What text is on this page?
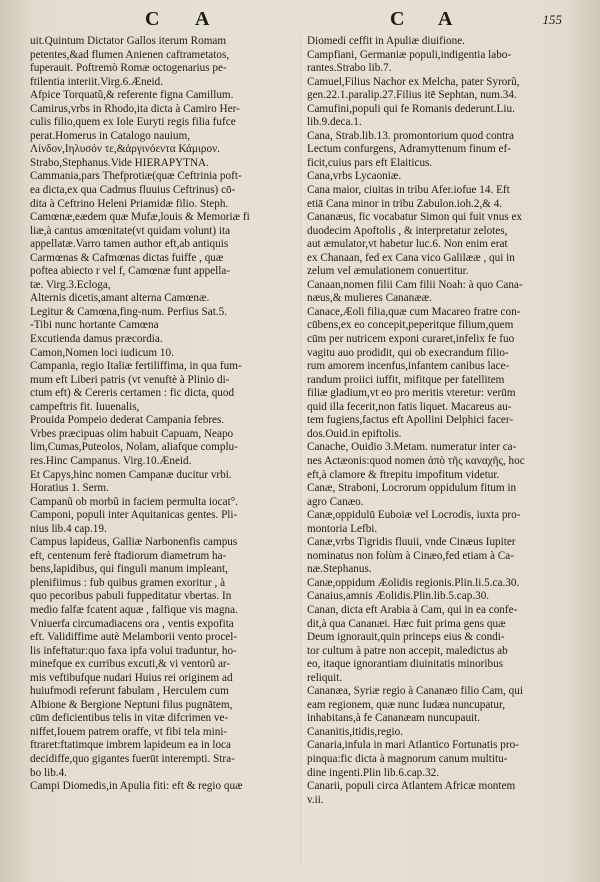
C A	C A	155

uit.Quintum Dictator Gallos iterum Romam

petentes,&ad flumen Anienen caftrametatos,

fuperauit. Poftremò Romæ octogenarius pe-

ftilentia interiit.Virg.6.Æneid.

Afpice Torquatũ,& referente figna Camillum.

Camirus,vrbs in Rhodo,ita dicta à Camiro Her-

culis filio,quem ex Iole Euryti regis filia fufce

perat.Homerus in Catalogo nauium,

Λίνδον,Ιηλυσόν τε,&ἀργινόεντα Κάμιρον.

Strabo,Stephanus.Vide HIERAPYTNA.

Cammania,pars Thefprotiæ(quæ Ceftrinia poft-

ea dicta,ex qua Cadmus fluuius Ceftrinus) cō-

dita à Ceftrino Heleni Priamidæ filio. Steph.

Camœnæ,eædem quæ Mufæ,louis & Memoriæ fi

liæ,à cantus amœnitate(vt quidam volunt) ita

appellatæ.Varro tamen author eft,ab antiquis

Carmœnas & Cafmœnas dictas fuiffe , quæ

poftea abiecto r vel f, Camœnæ funt appella-

tæ. Virg.3.Ecloga,

Alternis dicetis,amant alterna Camœnæ.

Legitur & Camœna,fing-num. Perfius Sat.5.

-Tibi nunc hortante Camœna

Excutienda damus præcordia.

Camon,Nomen loci iudicum 10.

Campania, regio Italiæ fertiliffima, in qua fum-

mum eft Liberi patris (vt venuftè à Plinio di-

ctum eft) & Cereris certamen : fic dicta, quod

campeftris fit. Iuuenalis,

Prouida Pompeio dederat Campania febres.

Vrbes præcipuas olim habuit Capuam, Neapo

lim,Cumas,Puteolos, Nolam, aliafque complu-

res.Hinc Campanus. Virg.10.Æneid.

Et Capys,hinc nomen Campanæ ducitur vrbi.

Horatius 1. Serm.

Campanũ ob morbũ in faciem permulta iocat°.

Camponi, populi inter Aquitanicas gentes. Pli-

nius lib.4 cap.19.

Campus lapideus, Galliæ Narbonenfis campus

eft, centenum ferè ftadiorum diametrum ha-

bens,lapidibus, qui finguli manum impleant,

plenifiimus : fub quibus gramen exoritur , à

quo pecoribus pabuli fuppeditatur vbertas. In

medio falfæ fcatent aquæ , falfique vis magna.

Vniuerfa circumadiacens ora , ventis expofita

eft. Validiffime autè Melamborii vento procel-

lis infeftatur:quo faxa ipfa volui traduntur, ho-

minefque ex curribus excuti,& vi ventorũ ar-

mis veftibufque nudari Huius rei originem ad

huiufmodi referunt fabulam , Herculem cum

Albione & Bergione Neptuni filus pugnātem,

cūm deficientibus telis in vitæ difcrimen ve-

niffet,Iouem patrem oraffe, vt fibi tela mini-

ftraret:ftatimque imbrem lapideum ea in loca

decidiffe,quo gigantes fuerūt interempti. Stra-

bo lib.4.

Campi Diomedis,in Apulia fiti: eft & regio quæ

Diomedi ceffit in Apuliæ diuifione.

Campfiani, Germaniæ populi,indigentia labo-

rantes.Strabo lib.7.

Camuel,Filius Nachor ex Melcha, pater Syrorũ,

gen.22.1.paralip.27.Filius itē Sephtan, num.34.

Camufini,populi qui fe Romanis dederunt.Liu.

lib.9.deca.1.

Cana, Strab.lib.13. promontorium quod contra

Lectum confurgens, Adramyttenum finum ef-

ficit,cuius pars eft Elaiticus.

Cana,vrbs Lycaoniæ.

Cana maior, ciuitas in tribu Afer.iofue 14. Eft

etiā Cana minor in tribu Zabulon.ioh.2,& 4.

Cananæus, fic vocabatur Simon qui fuit vnus ex

duodecim Apoftolis , & interpretatur zelotes,

aut æmulator,vt habetur luc.6. Non enim erat

ex Chanaan, fed ex Cana vico Galilææ , qui in

zelum vel æmulationem conuertitur.

Canaan,nomen filii Cam filii Noah: à quo Cana-

næus,& mulieres Cananææ.

Canace,Æoli filia,quæ cum Macareo fratre con-

cūbens,ex eo concepit,peperitque filium,quem

cūm per nutricem exponi curaret,infelix fe fuo

vagitu auo prodidit, qui ob execrandum filio-

rum amorem incenfus,infantem canibus lace-

randum proiici iuffit, mifitque per fatellitem

filiæ gladium,vt eo pro meritis vteretur: verūm

quid illa fecerit,non fatis liquet. Macareus au-

tem fugiens,factus eft Apollini Delphici facer-

dos.Ouid.in epiftolis.

Canache, Ouidio 3.Metam. numeratur inter ca-

nes Actæonis:quod nomen ἀπὸ τῆς καναχῆς, hoc

eft,à clamore & ftrepitu impofitum videtur.

Canæ, Straboni, Locrorum oppidulum fitum in

agro Canæo.

Canæ,oppidulū Euboiæ vel Locrodis, iuxta pro-

montoria Lefbi.

Canæ,vrbs Tigridis fluuii, vnde Cinæus Iupiter

nominatus non folùm à Cinæo,fed etiam à Ca-

næ.Stephanus.

Canæ,oppidum Æolidis regionis.Plin.li.5.ca.30.

Canaius,amnis Æolidis.Plin.lib.5.cap.30.

Canan, dicta eft Arabia à Cam, qui in ea confe-

dit,à qua Cananæi. Hæc fuit prima gens quæ

Deum ignorauit,quin princeps eius & condi-

tor cultum à patre non accepit, maledictus ab

eo, itaque ignorantiam diuinitatis minoribus

reliquit.

Cananæa, Syriæ regio à Cananæo filio Cam, qui

eam regionem, quæ nunc Iudæa nuncupatur,

inhabitans,à fe Cananæam nuncupauit.

Cananitis,itidis,regio.

Canaria,infula in mari Atlantico Fortunatis pro-

pinqua:fic dicta à magnorum canum multitu-

dine ingenti.Plin lib.6.cap.32.

Canarii, populi circa Atlantem Africæ montem

v.ii.
